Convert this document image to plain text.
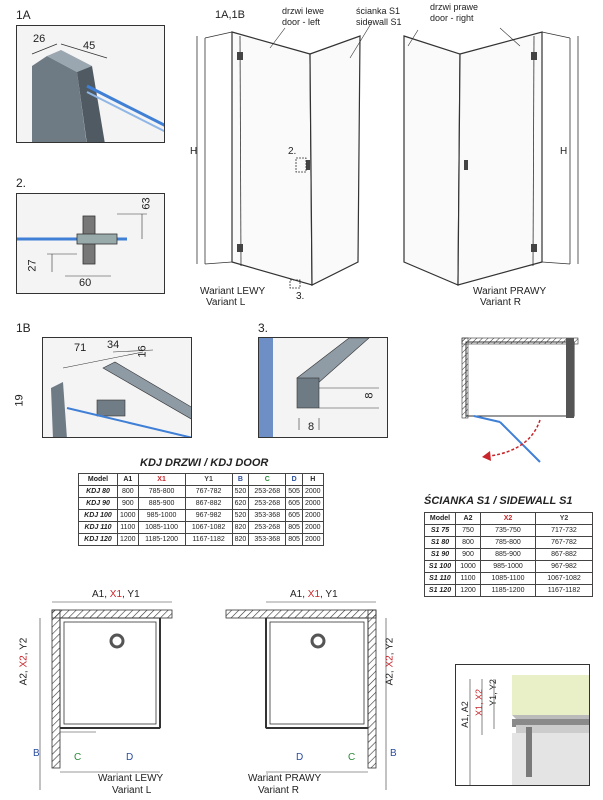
1A
26
45
2.
63
27
60
1A,1B	drzwi lewe
door - left
2.
3.
H
Wariant LEWY
Variant L
ścianka S1
sidewall S1
drzwi prawe
door - right
H
Wariant PRAWY
Variant R
1B
71 34
16
19
3.
8
8
KDJ DRZWI / KDJ DOOR
Model	A1	X1	Y1	B	C	D	H
KDJ 80	800	785-800	767-782	520	253-268	505	2000
KDJ 90	900	885-900	867-882	620	253-268	605	2000
KDJ 100	1000	985-1000	967-982	520	353-368	605	2000
KDJ 110	1100	1085-1100	1067-1082	820	253-268	805	2000
KDJ 120	1200	1185-1200	1167-1182	820	353-368	805	2000
ŚCIANKA S1 / SIDEWALL S1
Model	A2	X2	Y2
S1 75	750	735-750	717-732
S1 80	800	785-800	767-782
S1 90	900	885-900	867-882
S1 100	1000	985-1000	967-982
S1 110	1100	1085-1100	1067-1082
S1 120	1200	1185-1200	1167-1182
A1, X1, Y1
A2, X2, Y2
B	C	D
Wariant LEWY
Variant L
A1, X1, Y1
A2, X2, Y2
B
C
D
Wariant PRAWY
Variant R
A1, A2 X1, X2 Y1, Y2
